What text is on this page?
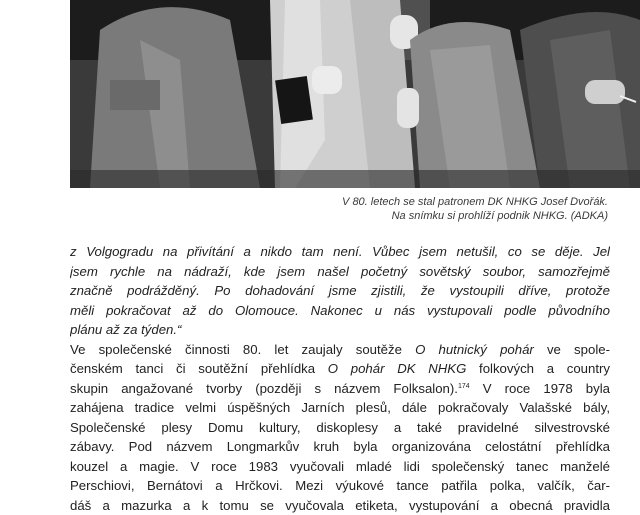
V 80. letech se stal patronem DK NHKG Josef Dvořák.
Na snímku si prohlíží podnik NHKG. (ADKA)
z Volgogradu na přivítání a nikdo tam není. Vůbec jsem netušil, co se děje. Jel
jsem rychle na nádraží, kde jsem našel početný sovětský soubor, samozřejmě
značně podrážděný. Po dohadování jsme zjistili, že vystoupili dříve, protože
měli pokračovat až do Olomouce. Nakonec u nás vystupovali podle původního
plánu až za týden.“
Ve společenské činnosti 80. let zaujaly soutěže O hutnický pohár ve spole-
čenském tanci či soutěžní přehlídka O pohár DK NHKG folkových a country
skupin angažované tvorby (později s názvem Folksalon).$^{174}$ V roce 1978 byla
zahájena tradice velmi úspěšných Jarních plesů, dále pokračovaly Valašské bály,
Společenské plesy Domu kultury, diskoplesy a také pravidelné silvestrovské
zábavy. Pod názvem Longmarkův kruh byla organizována celostátní přehlídka
kouzel a magie. V roce 1983 vyučovali mladé lidi společenský tanec manželé
Perschiovi, Bernátovi a Hrčkovi. Mezi výukové tance patřila polka, valčík, čar-
dáš a mazurka a k tomu se vyučovala etiketa, vystupování a obecná pravidla
